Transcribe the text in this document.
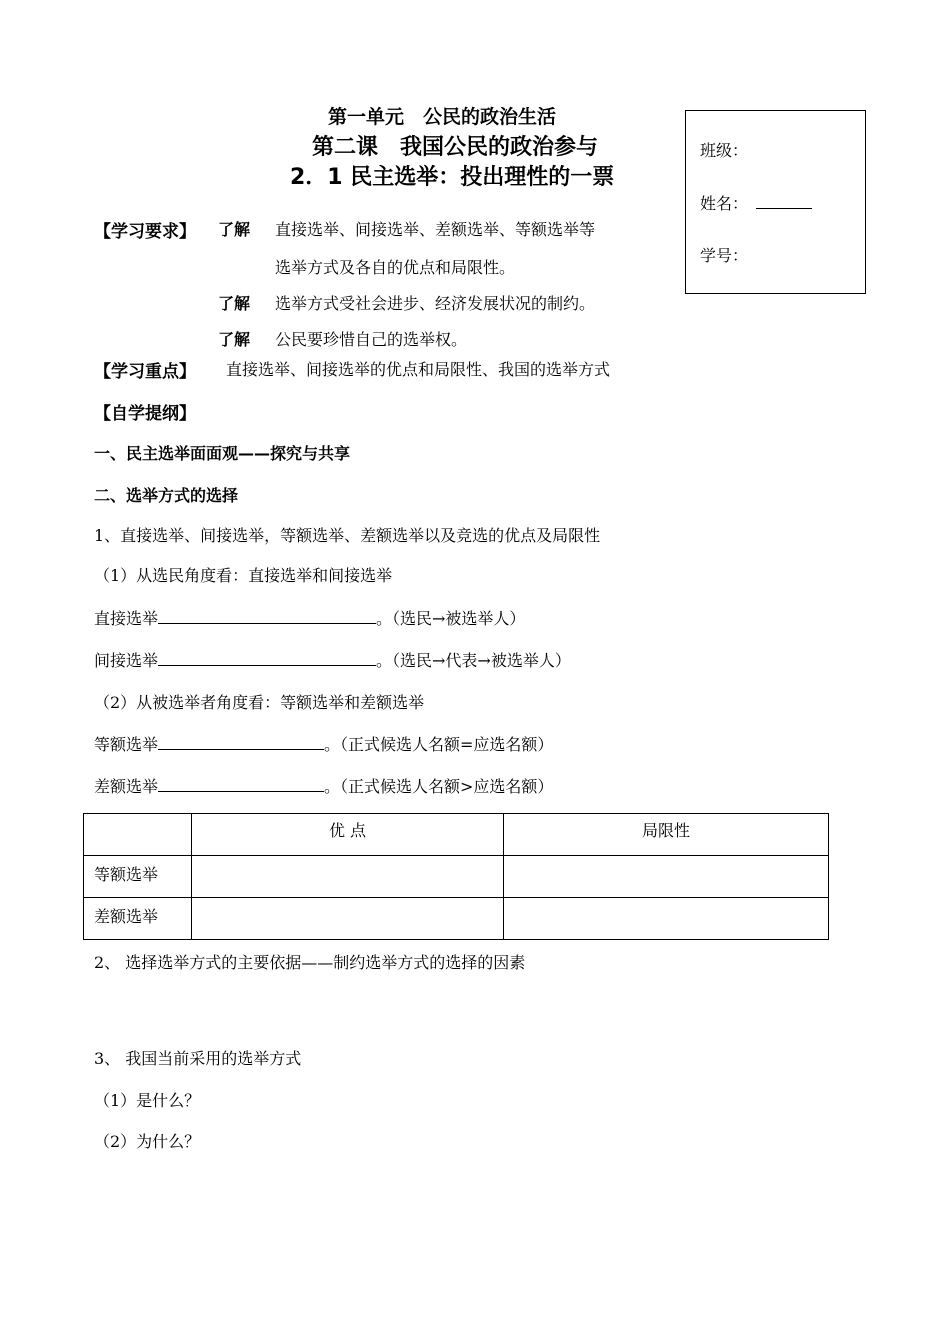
第一单元　公民的政治生活
第二课　我国公民的政治参与
2．1 民主选举：投出理性的一票
班级：
姓名：
学号：
【学习要求】 了解 直接选举、间接选举、差额选举、等额选举等
选举方式及各自的优点和局限性。
了解 选举方式受社会进步、经济发展状况的制约。
了解 公民要珍惜自己的选举权。
【学习重点】 直接选举、间接选举的优点和局限性、我国的选举方式
【自学提纲】
一、民主选举面面观——探究与共享
二、选举方式的选择
1、直接选举、间接选举，等额选举、差额选举以及竞选的优点及局限性
（1）从选民角度看：直接选举和间接选举
直接选举	。（选民→被选举人）
间接选举	。（选民→代表→被选举人）
（2）从被选举者角度看：等额选举和差额选举
等额选举	。（正式候选人名额=应选名额）
差额选举	。（正式候选人名额>应选名额）
	优 点	局限性
等额选举		
差额选举		
2、 选择选举方式的主要依据——制约选举方式的选择的因素
3、 我国当前采用的选举方式
（1）是什么？
（2）为什么？
